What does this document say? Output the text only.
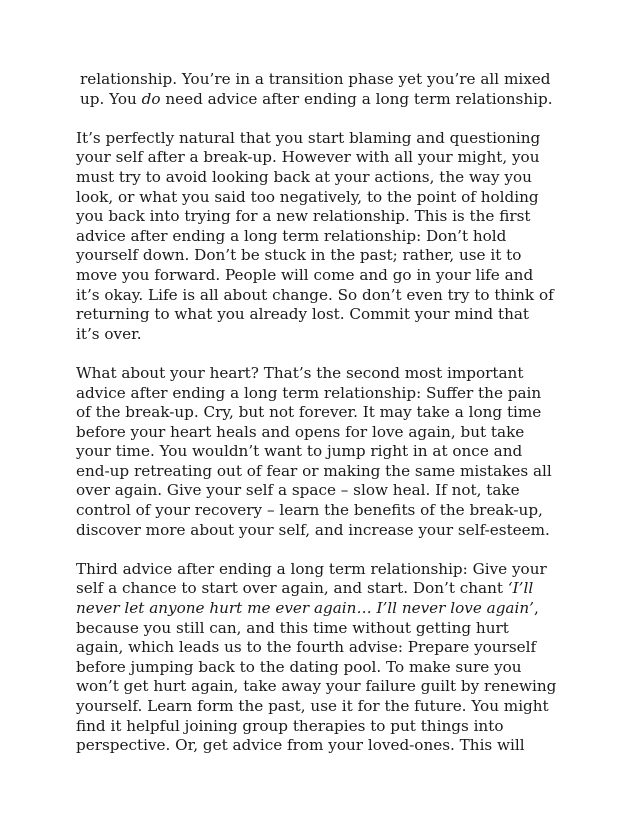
relationship. You’re in a transition phase yet you’re all mixed
up. You do need advice after ending a long term relationship.

It’s perfectly natural that you start blaming and questioning
your self after a break-up. However with all your might, you
must try to avoid looking back at your actions, the way you
look, or what you said too negatively, to the point of holding
you back into trying for a new relationship. This is the first
advice after ending a long term relationship: Don’t hold
yourself down. Don’t be stuck in the past; rather, use it to
move you forward. People will come and go in your life and
it’s okay. Life is all about change. So don’t even try to think of
returning to what you already lost. Commit your mind that
it’s over.

What about your heart? That’s the second most important
advice after ending a long term relationship: Suffer the pain
of the break-up. Cry, but not forever. It may take a long time
before your heart heals and opens for love again, but take
your time. You wouldn’t want to jump right in at once and
end-up retreating out of fear or making the same mistakes all
over again. Give your self a space – slow heal. If not, take
control of your recovery – learn the benefits of the break-up,
discover more about your self, and increase your self-esteem.

Third advice after ending a long term relationship: Give your
self a chance to start over again, and start. Don’t chant ‘I’ll
never let anyone hurt me ever again… I’ll never love again’,
because you still can, and this time without getting hurt
again, which leads us to the fourth advise: Prepare yourself
before jumping back to the dating pool. To make sure you
won’t get hurt again, take away your failure guilt by renewing
yourself. Learn form the past, use it for the future. You might
find it helpful joining group therapies to put things into
perspective. Or, get advice from your loved-ones. This will
